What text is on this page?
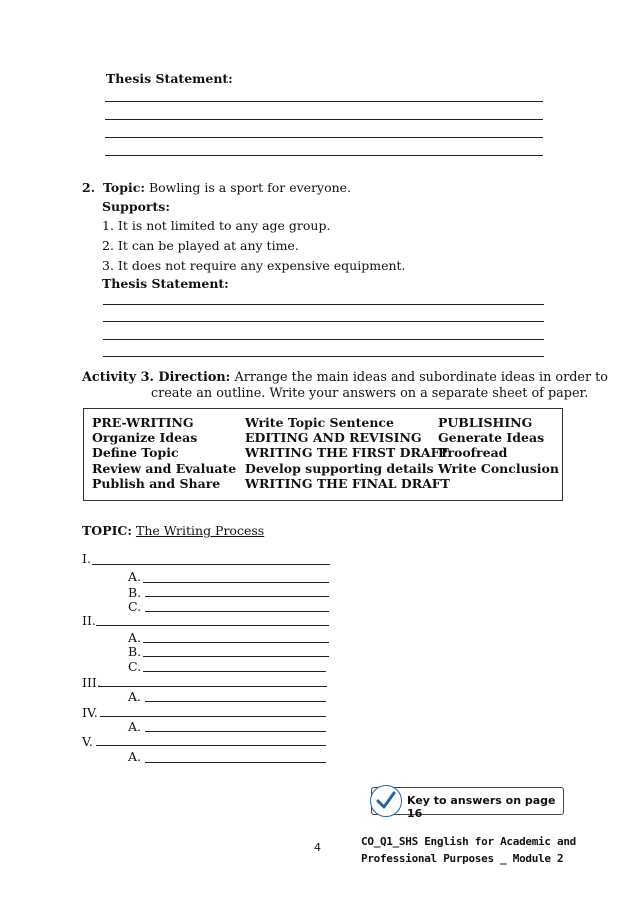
Thesis Statement:
2. Topic: Bowling is a sport for everyone.
Supports:
1. It is not limited to any age group.
2. It can be played at any time.
3. It does not require any expensive equipment.
Thesis Statement:
Activity 3. Direction: Arrange the main ideas and subordinate ideas in order to
create an outline. Write your answers on a separate sheet of paper.
PRE-WRITING
Organize Ideas
Define Topic
Review and Evaluate
Publish and Share
Write Topic Sentence
EDITING AND REVISING
WRITING THE FIRST DRAFT
Develop supporting details
WRITING THE FINAL DRAFT
PUBLISHING
Generate Ideas
Proofread
Write Conclusion
TOPIC: The Writing Process
I.
A.
B.
C.
II.
A.
B.
C.
III.
A.
IV.
A.
V.
A.
Key to answers on page 16
4	CO_Q1_SHS English for Academic and
Professional Purposes _ Module 2
